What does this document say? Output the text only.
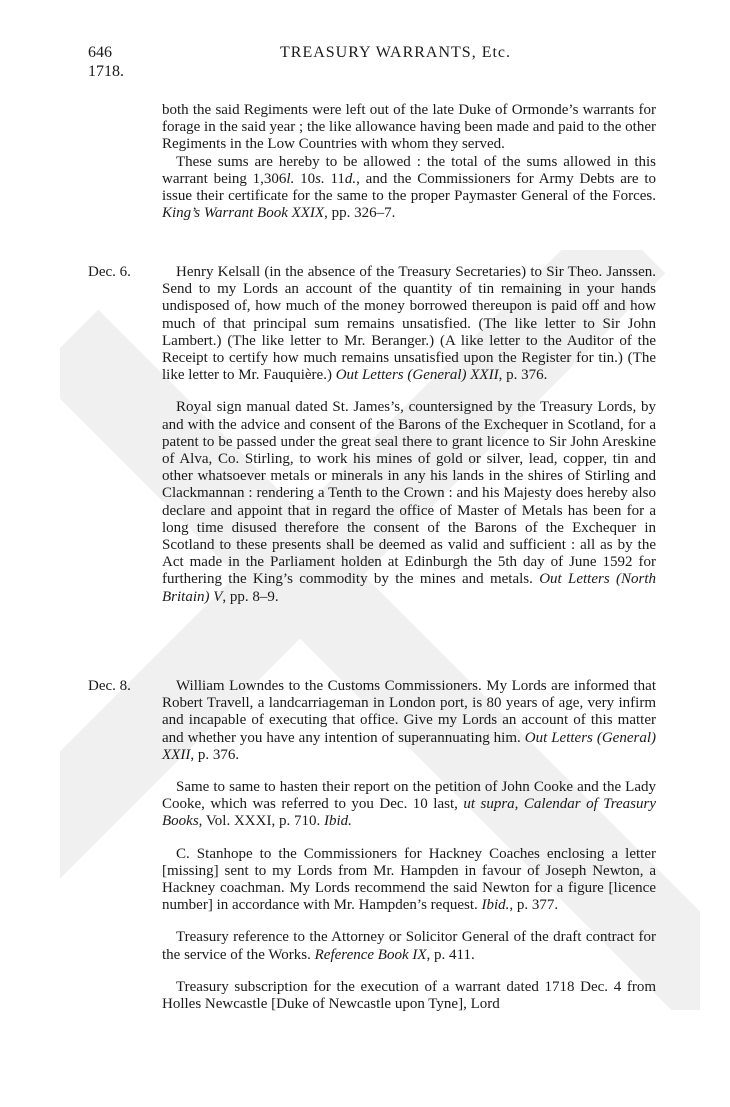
646
1718.
TREASURY WARRANTS, Etc.

both the said Regiments were left out of the late Duke of Ormonde’s warrants for forage in the said year ; the like allowance having been made and paid to the other Regiments in the Low Countries with whom they served.

These sums are hereby to be allowed : the total of the sums allowed in this warrant being 1,306l. 10s. 11d., and the Commissioners for Army Debts are to issue their certificate for the same to the proper Paymaster General of the Forces. King’s Warrant Book XXIX, pp. 326–7.

Dec. 6.	Henry Kelsall (in the absence of the Treasury Secretaries) to Sir Theo. Janssen. Send to my Lords an account of the quantity of tin remaining in your hands undisposed of, how much of the money borrowed thereupon is paid off and how much of that principal sum remains unsatisfied. (The like letter to Sir John Lambert.) (The like letter to Mr. Beranger.) (A like letter to the Auditor of the Receipt to certify how much remains unsatisfied upon the Register for tin.) (The like letter to Mr. Fauquière.) Out Letters (General) XXII, p. 376.

Royal sign manual dated St. James’s, countersigned by the Treasury Lords, by and with the advice and consent of the Barons of the Exchequer in Scotland, for a patent to be passed under the great seal there to grant licence to Sir John Areskine of Alva, Co. Stirling, to work his mines of gold or silver, lead, copper, tin and other whatsoever metals or minerals in any his lands in the shires of Stirling and Clackmannan : rendering a Tenth to the Crown : and his Majesty does hereby also declare and appoint that in regard the office of Master of Metals has been for a long time disused therefore the consent of the Barons of the Exchequer in Scotland to these presents shall be deemed as valid and sufficient : all as by the Act made in the Parliament holden at Edinburgh the 5th day of June 1592 for furthering the King’s commodity by the mines and metals. Out Letters (North Britain) V, pp. 8–9.

Dec. 8.	William Lowndes to the Customs Commissioners. My Lords are informed that Robert Travell, a landcarriageman in London port, is 80 years of age, very infirm and incapable of executing that office. Give my Lords an account of this matter and whether you have any intention of superannuating him. Out Letters (General) XXII, p. 376.

Same to same to hasten their report on the petition of John Cooke and the Lady Cooke, which was referred to you Dec. 10 last, ut supra, Calendar of Treasury Books, Vol. XXXI, p. 710. Ibid.

C. Stanhope to the Commissioners for Hackney Coaches enclosing a letter [missing] sent to my Lords from Mr. Hampden in favour of Joseph Newton, a Hackney coachman. My Lords recommend the said Newton for a figure [licence number] in accordance with Mr. Hampden’s request. Ibid., p. 377.

Treasury reference to the Attorney or Solicitor General of the draft contract for the service of the Works. Reference Book IX, p. 411.

Treasury subscription for the execution of a warrant dated 1718 Dec. 4 from Holles Newcastle [Duke of Newcastle upon Tyne], Lord
